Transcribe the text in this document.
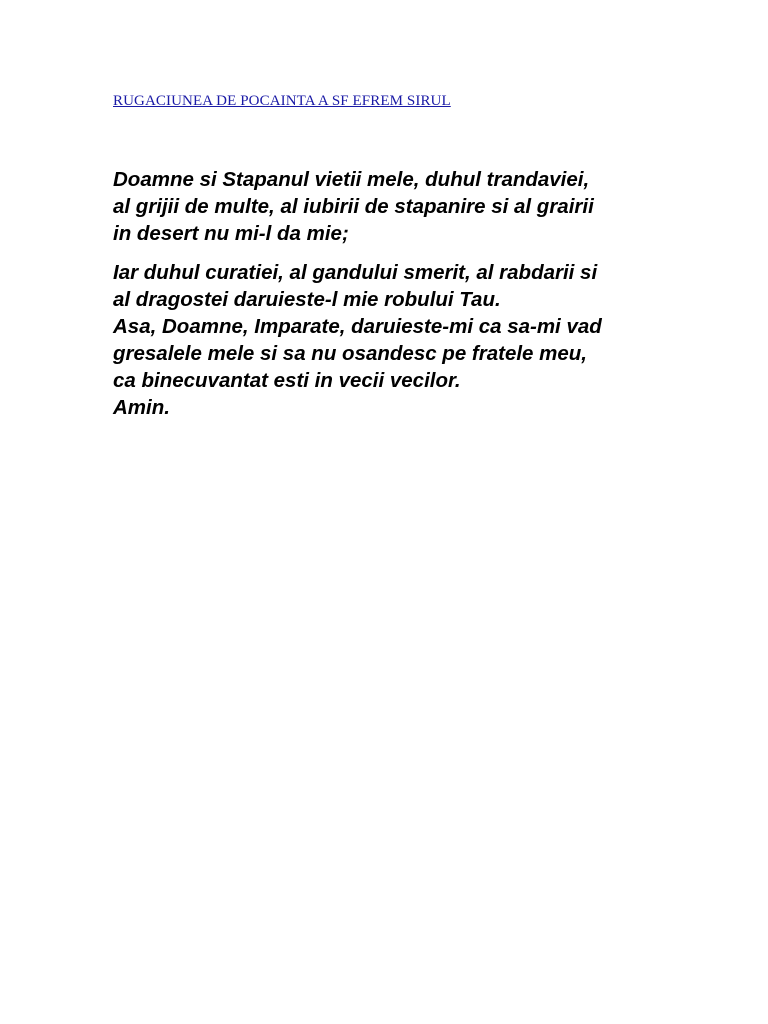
RUGACIUNEA DE POCAINTA A SF EFREM SIRUL

Doamne si Stapanul vietii mele, duhul trandaviei,
al grijii de multe, al iubirii de stapanire si al grairii
in desert nu mi-l da mie;

Iar duhul curatiei, al gandului smerit, al rabdarii si
al dragostei daruieste-l mie robului Tau.
Asa, Doamne, Imparate, daruieste-mi ca sa-mi vad
gresalele mele si sa nu osandesc pe fratele meu,
ca binecuvantat esti in vecii vecilor.
Amin.
